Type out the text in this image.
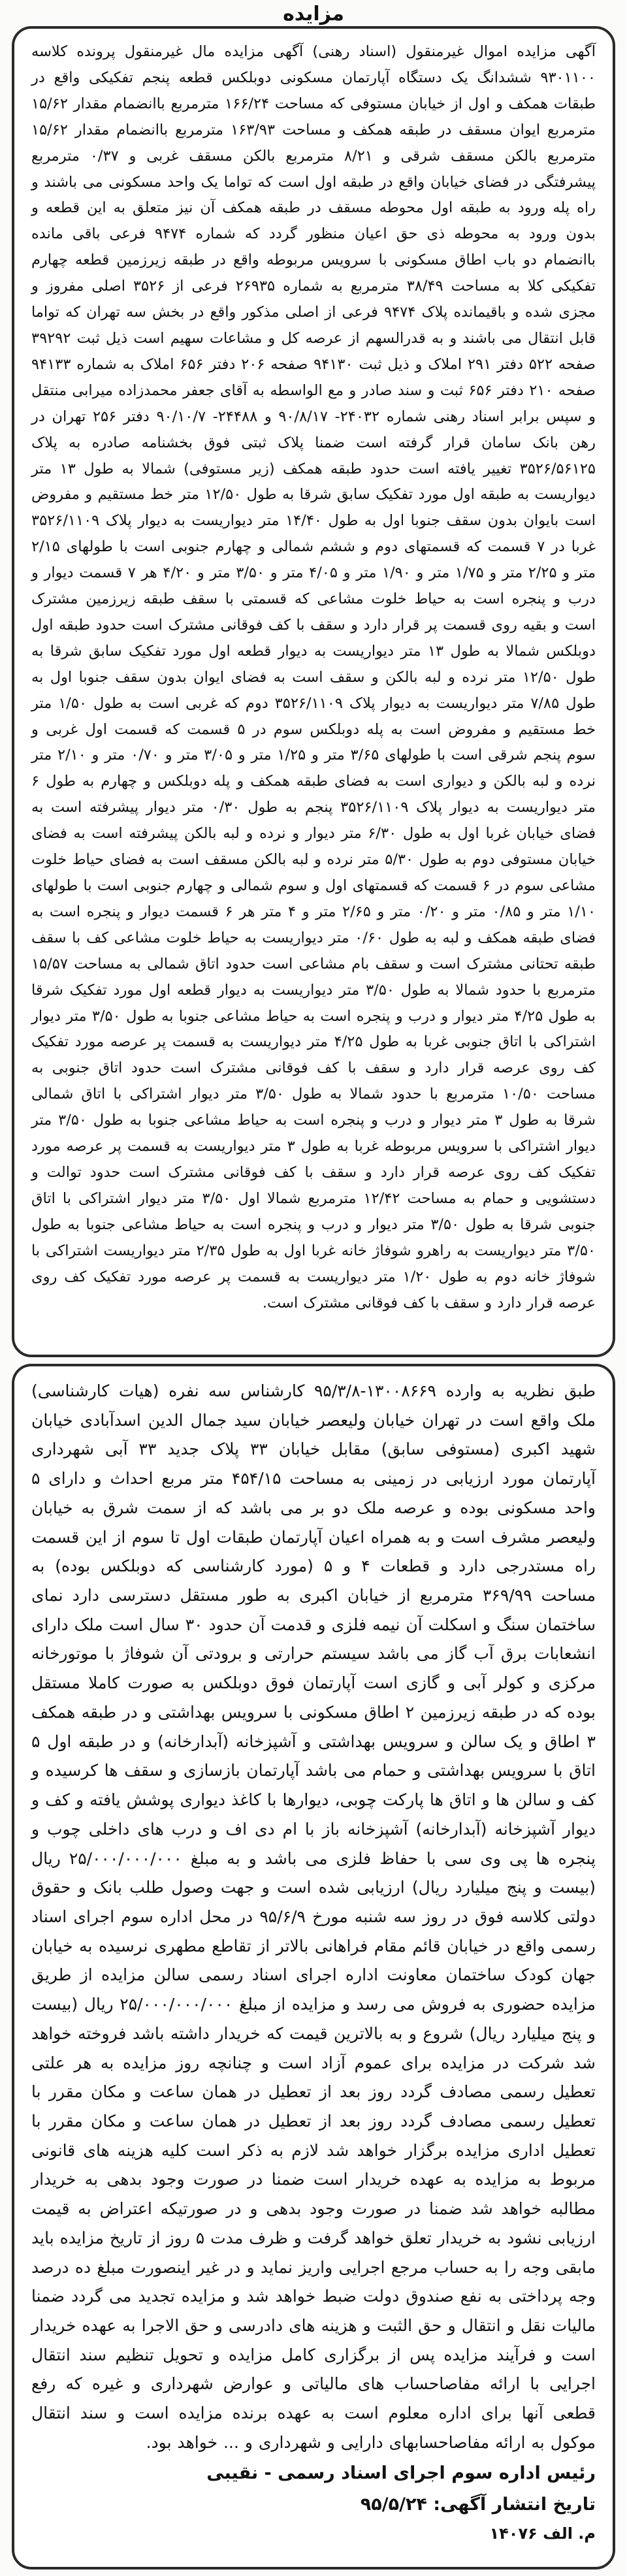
مزایده

آگهی مزایده اموال غیرمنقول (اسناد رهنی) آگهی مزایده مال غیرمنقول پرونده کلاسه ۹۳۰۱۱۰۰ ششدانگ یک دستگاه آپارتمان مسکونی دوبلکس قطعه پنجم تفکیکی واقع در طبقات همکف و اول از خیابان مستوفی که مساحت ۱۶۶/۲۴ مترمربع باانضمام مقدار ۱۵/۶۲ مترمربع ایوان مسقف در طبقه همکف و مساحت ۱۶۳/۹۳ مترمربع باانضمام مقدار ۱۵/۶۲ مترمربع بالکن مسقف شرقی و ۸/۲۱ مترمربع بالکن مسقف غربی و ۰/۳۷ مترمربع پیشرفتگی در فضای خیابان واقع در طبقه اول است که تواما یک واحد مسکونی می باشند و راه پله ورود به طبقه اول محوطه مسقف در طبقه همکف آن نیز متعلق به این قطعه و بدون ورود به محوطه ذی حق اعیان منظور گردد که شماره ۹۴۷۴ فرعی باقی مانده باانضمام دو باب اطاق مسکونی با سرویس مربوطه واقع در طبقه زیرزمین قطعه چهارم تفکیکی کلا به مساحت ۳۸/۴۹ مترمربع به شماره ۲۶۹۳۵ فرعی از ۳۵۲۶ اصلی مفروز و مجزی شده و باقیمانده پلاک ۹۴۷۴ فرعی از اصلی مذکور واقع در بخش سه تهران که تواما قابل انتقال می باشند و به قدرالسهم از عرصه کل و مشاعات سهیم است ذیل ثبت ۳۹۲۹۲ صفحه ۵۲۲ دفتر ۲۹۱ املاک و ذیل ثبت ۹۴۱۳۰ صفحه ۲۰۶ دفتر ۶۵۶ املاک به شماره ۹۴۱۳۳ صفحه ۲۱۰ دفتر ۶۵۶ ثبت و سند صادر و مع الواسطه به آقای جعفر محمدزاده میرابی منتقل و سپس برابر اسناد رهنی شماره ۲۴۰۳۲- ۹۰/۸/۱۷ و ۲۴۴۸۸- ۹۰/۱۰/۷ دفتر ۲۵۶ تهران در رهن بانک سامان قرار گرفته است ضمنا پلاک ثبتی فوق بخشنامه صادره به پلاک ۳۵۲۶/۵۶۱۲۵ تغییر یافته است حدود طبقه همکف (زیر مستوفی) شمالا به طول ۱۳ متر دیواریست به طبقه اول مورد تفکیک سابق شرقا به طول ۱۲/۵۰ متر خط مستقیم و مفروض است بایوان بدون سقف جنوبا اول به طول ۱۴/۴۰ متر دیواریست به دیوار پلاک ۳۵۲۶/۱۱۰۹ غربا در ۷ قسمت که قسمتهای دوم و ششم شمالی و چهارم جنوبی است با طولهای ۲/۱۵ متر و ۲/۲۵ متر و ۱/۷۵ متر و ۱/۹۰ متر و ۴/۰۵ متر و ۳/۵۰ متر و ۴/۲۰ هر ۷ قسمت دیوار و درب و پنجره است به حیاط خلوت مشاعی که قسمتی با سقف طبقه زیرزمین مشترک است و بقیه روی قسمت پر قرار دارد و سقف با کف فوقانی مشترک است حدود طبقه اول دوبلکس شمالا به طول ۱۳ متر دیواریست به دیوار قطعه اول مورد تفکیک سابق شرقا به طول ۱۲/۵۰ متر نرده و لبه بالکن و سقف است به فضای ایوان بدون سقف جنوبا اول به طول ۷/۸۵ متر دیواریست به دیوار پلاک ۳۵۲۶/۱۱۰۹ دوم که غربی است به طول ۱/۵۰ متر خط مستقیم و مفروض است به پله دوبلکس سوم در ۵ قسمت که قسمت اول غربی و سوم پنجم شرقی است با طولهای ۳/۶۵ متر و ۱/۲۵ متر و ۳/۰۵ متر و ۰/۷۰ متر و ۲/۱۰ متر نرده و لبه بالکن و دیواری است به فضای طبقه همکف و پله دوبلکس و چهارم به طول ۶ متر دیواریست به دیوار پلاک ۳۵۲۶/۱۱۰۹ پنجم به طول ۰/۳۰ متر دیوار پیشرفته است به فضای خیابان غربا اول به طول ۶/۳۰ متر دیوار و نرده و لبه بالکن پیشرفته است به فضای خیابان مستوفی دوم به طول ۵/۳۰ متر نرده و لبه بالکن مسقف است به فضای حیاط خلوت مشاعی سوم در ۶ قسمت که قسمتهای اول و سوم شمالی و چهارم جنوبی است با طولهای ۱/۱۰ متر و ۰/۸۵ متر و ۰/۲۰ متر و ۲/۶۵ متر و ۴ متر هر ۶ قسمت دیوار و پنجره است به فضای طبقه همکف و لبه به طول ۰/۶۰ متر دیواریست به حیاط خلوت مشاعی کف با سقف طبقه تحتانی مشترک است و سقف بام مشاعی است حدود اتاق شمالی به مساحت ۱۵/۵۷ مترمربع با حدود شمالا به طول ۳/۵۰ متر دیواریست به دیوار قطعه اول مورد تفکیک شرقا به طول ۴/۲۵ متر دیوار و درب و پنجره است به حیاط مشاعی جنوبا به طول ۳/۵۰ متر دیوار اشتراکی با اتاق جنوبی غربا به طول ۴/۲۵ متر دیواریست به قسمت پر عرصه مورد تفکیک کف روی عرصه قرار دارد و سقف با کف فوقانی مشترک است حدود اتاق جنوبی به مساحت ۱۰/۵۰ مترمربع با حدود شمالا به طول ۳/۵۰ متر دیوار اشتراکی با اتاق شمالی شرقا به طول ۳ متر دیوار و درب و پنجره است به حیاط مشاعی جنوبا به طول ۳/۵۰ متر دیوار اشتراکی با سرویس مربوطه غربا به طول ۳ متر دیواریست به قسمت پر عرصه مورد تفکیک کف روی عرصه قرار دارد و سقف با کف فوقانی مشترک است حدود توالت و دستشویی و حمام به مساحت ۱۲/۴۲ مترمربع شمالا اول ۳/۵۰ متر دیوار اشتراکی با اتاق جنوبی شرقا به طول ۳/۵۰ متر دیوار و درب و پنجره است به حیاط مشاعی جنوبا به طول ۳/۵۰ متر دیواریست به راهرو شوفاژ خانه غربا اول به طول ۲/۳۵ متر دیواریست اشتراکی با شوفاژ خانه دوم به طول ۱/۲۰ متر دیواریست به قسمت پر عرصه مورد تفکیک کف روی عرصه قرار دارد و سقف با کف فوقانی مشترک است.

طبق نظریه به وارده ۱۳۰۰۸۶۶۹-۹۵/۳/۸ کارشناس سه نفره (هیات کارشناسی) ملک واقع است در تهران خیابان ولیعصر خیابان سید جمال الدین اسدآبادی خیابان شهید اکبری (مستوفی سابق) مقابل خیابان ۳۳ پلاک جدید ۳۳ آبی شهرداری آپارتمان مورد ارزیابی در زمینی به مساحت ۴۵۴/۱۵ متر مربع احداث و دارای ۵ واحد مسکونی بوده و عرصه ملک دو بر می باشد که از سمت شرق به خیابان ولیعصر مشرف است و به همراه اعیان آپارتمان طبقات اول تا سوم از این قسمت راه مستدرجی دارد و قطعات ۴ و ۵ (مورد کارشناسی که دوبلکس بوده) به مساحت ۳۶۹/۹۹ مترمربع از خیابان اکبری به طور مستقل دسترسی دارد نمای ساختمان سنگ و اسکلت آن نیمه فلزی و قدمت آن حدود ۳۰ سال است ملک دارای انشعابات برق آب گاز می باشد سیستم حرارتی و برودتی آن شوفاژ با موتورخانه مرکزی و کولر آبی و گازی است آپارتمان فوق دوبلکس به صورت کاملا مستقل بوده که در طبقه زیرزمین ۲ اطاق مسکونی با سرویس بهداشتی و در طبقه همکف ۳ اطاق و یک سالن و سرویس بهداشتی و آشپزخانه (آبدارخانه) و در طبقه اول ۵ اتاق با سرویس بهداشتی و حمام می باشد آپارتمان بازسازی و سقف ها کرسیده و کف و سالن ها و اتاق ها پارکت چوبی، دیوارها با کاغذ دیواری پوشش یافته و کف و دیوار آشپزخانه (آبدارخانه) آشپزخانه باز با ام دی اف و درب های داخلی چوب و پنجره ها پی وی سی با حفاظ فلزی می باشد و به مبلغ ۲۵/۰۰۰/۰۰۰/۰۰۰ ریال (بیست و پنج میلیارد ریال) ارزیابی شده است و جهت وصول طلب بانک و حقوق دولتی کلاسه فوق در روز سه شنبه مورخ ۹۵/۶/۹ در محل اداره سوم اجرای اسناد رسمی واقع در خیابان قائم مقام فراهانی بالاتر از تقاطع مطهری نرسیده به خیابان جهان کودک ساختمان معاونت اداره اجرای اسناد رسمی سالن مزایده از طریق مزایده حضوری به فروش می رسد و مزایده از مبلغ ۲۵/۰۰۰/۰۰۰/۰۰۰ ریال (بیست و پنج میلیارد ریال) شروع و به بالاترین قیمت که خریدار داشته باشد فروخته خواهد شد شرکت در مزایده برای عموم آزاد است و چنانچه روز مزایده به هر علتی تعطیل رسمی مصادف گردد روز بعد از تعطیل در همان ساعت و مکان مقرر با تعطیل رسمی مصادف گردد روز بعد از تعطیل در همان ساعت و مکان مقرر با تعطیل اداری مزایده برگزار خواهد شد لازم به ذکر است کلیه هزینه های قانونی مربوط به مزایده به عهده خریدار است ضمنا در صورت وجود بدهی به خریدار مطالبه خواهد شد ضمنا در صورت وجود بدهی و در صورتیکه اعتراض به قیمت ارزیابی نشود به خریدار تعلق خواهد گرفت و ظرف مدت ۵ روز از تاریخ مزایده باید مابقی وجه را به حساب مرجع اجرایی واریز نماید و در غیر اینصورت مبلغ ده درصد وجه پرداختی به نفع صندوق دولت ضبط خواهد شد و مزایده تجدید می گردد ضمنا مالیات نقل و انتقال و حق الثبت و هزینه های دادرسی و حق الاجرا به عهده خریدار است و فرآیند مزایده پس از برگزاری کامل مزایده و تحویل تنظیم سند انتقال اجرایی با ارائه مفاصاحساب های مالیاتی و عوارض شهرداری و غیره که رفع قطعی آنها برای اداره معلوم است به عهده برنده مزایده است و سند انتقال موکول به ارائه مفاصاحسابهای دارایی و شهرداری و ... خواهد بود.

رئیس اداره سوم اجرای اسناد رسمی - نقیبی
تاریخ انتشار آگهی: ۹۵/۵/۲۴
م. الف ۱۴۰۷۶
